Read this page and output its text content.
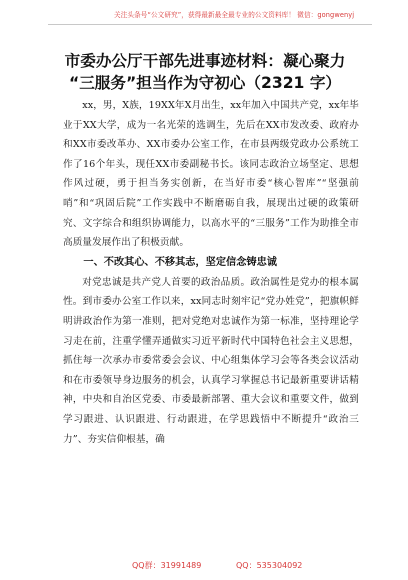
关注头条号“公文研究”，获得最新最全最专业的公文资料库！ 微信：gongwenyj
市委办公厅干部先进事迹材料：凝心聚力
“三服务”担当作为守初心（2321 字）

xx，男，X族，19XX年X月出生，xx年加入中国共产党，xx年毕业于XX大学，成为一名光荣的选调生，先后在XX市发改委、政府办和XX市委改革办、XX市委办公室工作，在市县两级党政办公系统工作了16个年头，现任XX市委副秘书长。该同志政治立场坚定、思想作风过硬，勇于担当务实创新，在当好市委“核心智库”“坚强前哨”和“巩固后院”工作实践中不断磨砺自我，展现出过硬的政策研究、文字综合和组织协调能力，以高水平的“三服务”工作为助推全市高质量发展作出了积极贡献。

一、不改其心、不移其志，坚定信念铸忠诚

对党忠诚是共产党人首要的政治品质。政治属性是党办的根本属性。到市委办公室工作以来，xx同志时刻牢记“党办姓党”，把旗帜鲜明讲政治作为第一准则，把对党绝对忠诚作为第一标准，坚持理论学习走在前，注重学懂弄通做实习近平新时代中国特色社会主义思想，抓住每一次承办市委常委会会议、中心组集体学习会等各类会议活动和在市委领导身边服务的机会，认真学习掌握总书记最新重要讲话精神，中央和自治区党委、市委最新部署、重大会议和重要文件，做到学习跟进、认识跟进、行动跟进，在学思践悟中不断提升“政治三力”、夯实信仰根基，确

QQ群：31991489	QQ：535304092
